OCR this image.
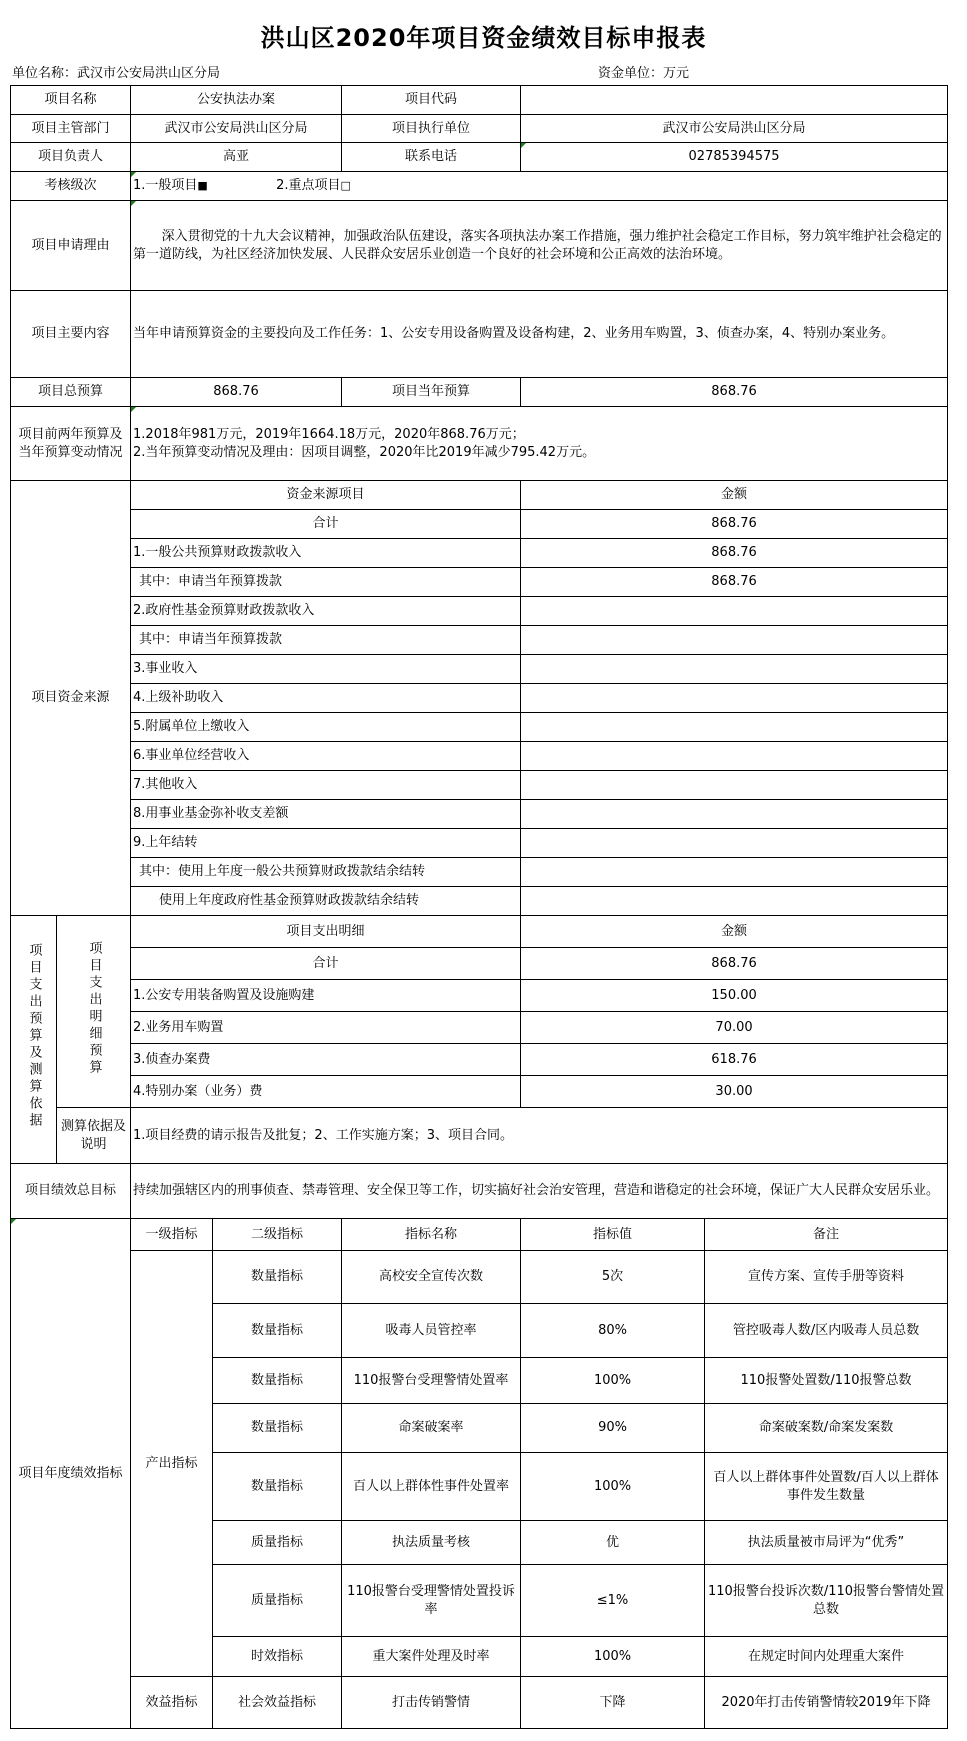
洪山区2020年项目资金绩效目标申报表
单位名称：武汉市公安局洪山区分局	资金单位：万元
项目名称		公安执法办案		项目代码		
项目主管部门		武汉市公安局洪山区分局		项目执行单位	武汉市公安局洪山区分局	
项目负责人		高亚		联系电话	02785394575	
考核级次		1.一般项目■ 2.重点项目□				
项目申请理由		深入贯彻党的十九大会议精神，加强政治队伍建设，落实各项执法办案工作措施，强力维护社会稳定工作目标，努力筑牢维护社会稳定的第一道防线，为社区经济加快发展、人民群众安居乐业创造一个良好的社会环境和公正高效的法治环境。				
项目主要内容		当年申请预算资金的主要投向及工作任务：1、公安专用设备购置及设备构建，2、业务用车购置，3、侦查办案，4、特别办案业务。				
项目总预算		868.76		项目当年预算	868.76	
项目前两年预算及当年预算变动情况		1.2018年981万元，2019年1664.18万元，2020年868.76万元；
2.当年预算变动情况及理由：因项目调整，2020年比2019年减少795.42万元。				

项目资金来源		资金来源项目			金额	
		合计			868.76	
		1.一般公共预算财政拨款收入			868.76	
		其中：申请当年预算拨款			868.76	
		2.政府性基金预算财政拨款收入				
		其中：申请当年预算拨款				
		3.事业收入				
		4.上级补助收入				
		5.附属单位上缴收入				
		6.事业单位经营收入				
		7.其他收入				
		8.用事业基金弥补收支差额				
		9.上年结转				
		其中：使用上年度一般公共预算财政拨款结余结转				
		使用上年度政府性基金预算财政拨款结余结转				
项目支出预算及测算依据	项目支出明细预算	项目支出明细			金额	
		合计			868.76	
		1.公安专用装备购置及设施购建			150.00	
		2.业务用车购置			70.00	
		3.侦查办案费			618.76	
		4.特别办案（业务）费			30.00	
	测算依据及说明	1.项目经费的请示报告及批复；2、工作实施方案；3、项目合同。				
项目绩效总目标		持续加强辖区内的刑事侦查、禁毒管理、安全保卫等工作，切实搞好社会治安管理，营造和谐稳定的社会环境，保证广大人民群众安居乐业。				
项目年度绩效指标		一级指标	二级指标	指标名称	指标值	备注
		产出指标	数量指标	高校安全宣传次数	5次	宣传方案、宣传手册等资料
			数量指标	吸毒人员管控率	80%	管控吸毒人数/区内吸毒人员总数
			数量指标	110报警台受理警情处置率	100%	110报警处置数/110报警总数
			数量指标	命案破案率	90%	命案破案数/命案发案数
			数量指标	百人以上群体性事件处置率	100%	百人以上群体事件处置数/百人以上群体事件发生数量
			质量指标	执法质量考核	优	执法质量被市局评为“优秀”
			质量指标	110报警台受理警情处置投诉率	≤1%	110报警台投诉次数/110报警台警情处置总数
			时效指标	重大案件处理及时率	100%	在规定时间内处理重大案件
		效益指标	社会效益指标	打击传销警情	下降	2020年打击传销警情较2019年下降
